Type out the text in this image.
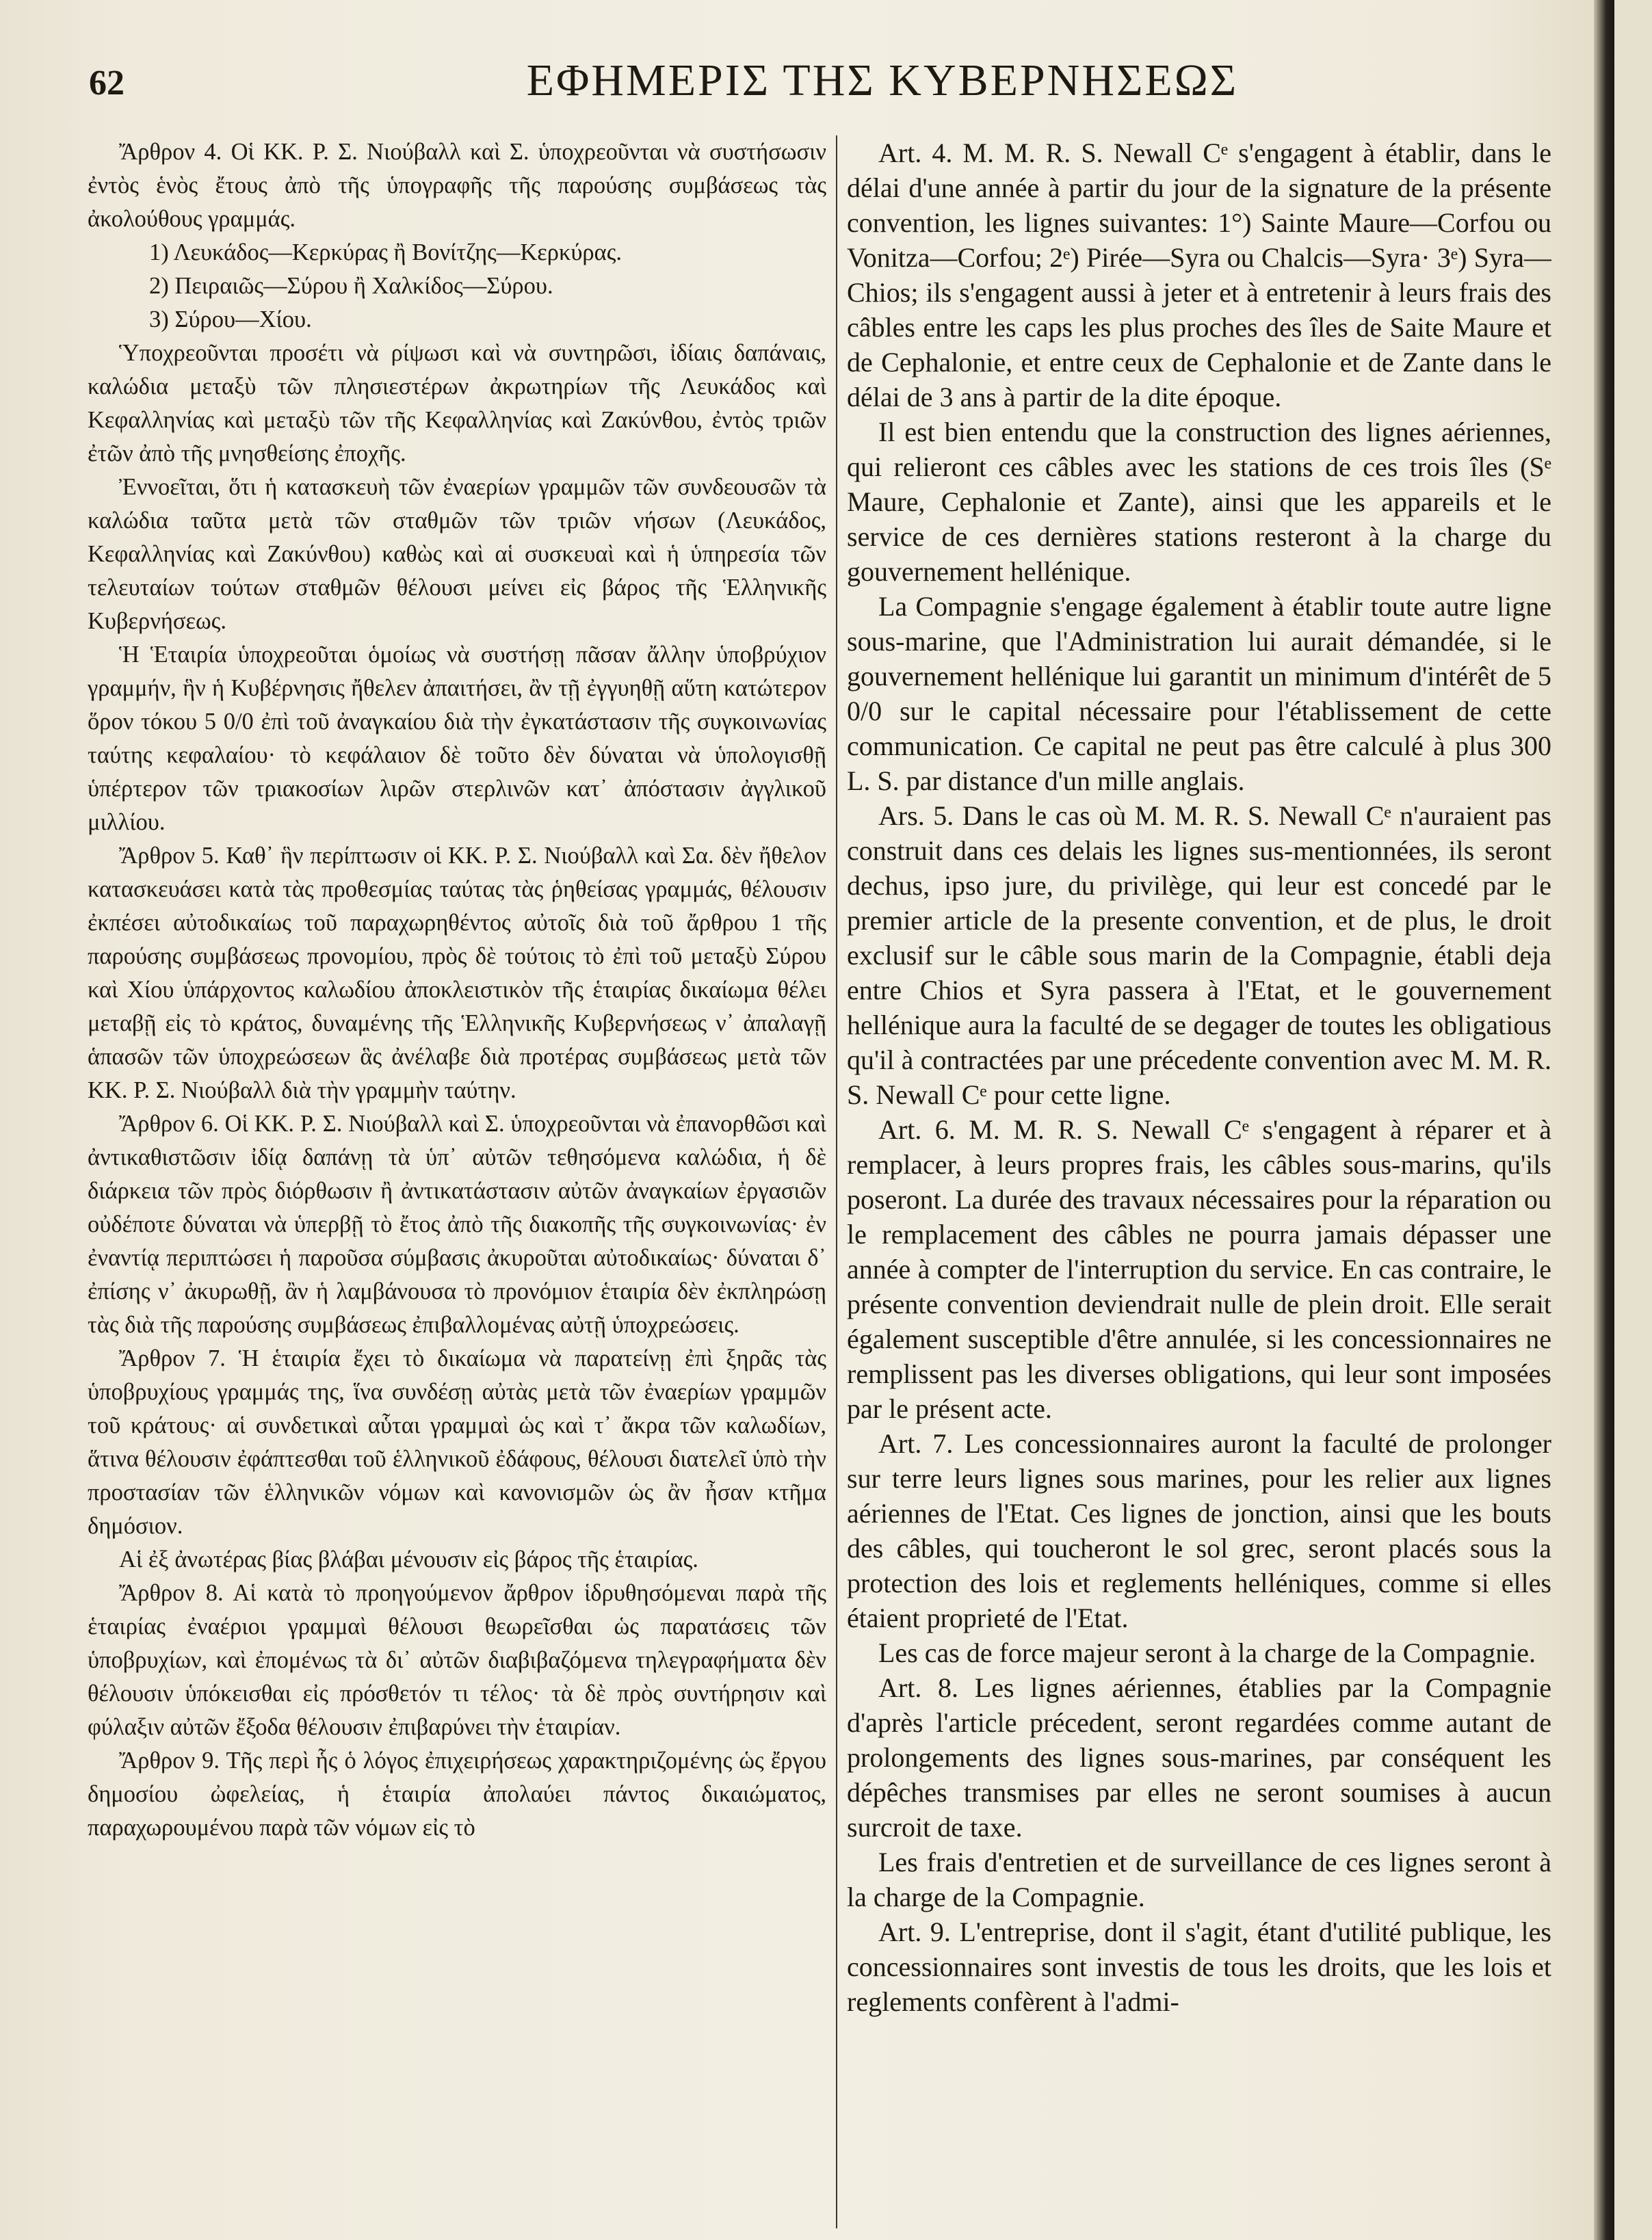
62	ΕΦΗΜΕΡΙΣ ΤΗΣ ΚΥΒΕΡΝΗΣΕΩΣ

Ἄρθρον 4. Οἱ ΚΚ. Ρ. Σ. Νιούβαλλ καὶ Σ. ὑποχρεοῦνται νὰ συστήσωσιν ἐντὸς ἑνὸς ἔτους ἀπὸ τῆς ὑπογραφῆς τῆς παρούσης συμβάσεως τὰς ἀκολούθους γραμμάς.

1) Λευκάδος—Κερκύρας ἢ Βονίτζης—Κερκύρας.

2) Πειραιῶς—Σύρου ἢ Χαλκίδος—Σύρου.

3) Σύρου—Χίου.

Ὑποχρεοῦνται προσέτι νὰ ρίψωσι καὶ νὰ συντηρῶσι, ἰδίαις δαπάναις, καλώδια μεταξὺ τῶν πλησιεστέρων ἀκρωτηρίων τῆς Λευκάδος καὶ Κεφαλληνίας καὶ μεταξὺ τῶν τῆς Κεφαλληνίας καὶ Ζακύνθου, ἐντὸς τριῶν ἐτῶν ἀπὸ τῆς μνησθείσης ἐποχῆς.

Ἐννοεῖται, ὅτι ἡ κατασκευὴ τῶν ἐναερίων γραμμῶν τῶν συνδεουσῶν τὰ καλώδια ταῦτα μετὰ τῶν σταθμῶν τῶν τριῶν νήσων (Λευκάδος, Κεφαλληνίας καὶ Ζακύνθου) καθὼς καὶ αἱ συσκευαὶ καὶ ἡ ὑπηρεσία τῶν τελευταίων τούτων σταθμῶν θέλουσι μείνει εἰς βάρος τῆς Ἑλληνικῆς Κυβερνήσεως.

Ἡ Ἑταιρία ὑποχρεοῦται ὁμοίως νὰ συστήσῃ πᾶσαν ἄλλην ὑποβρύχιον γραμμήν, ἣν ἡ Κυβέρνησις ἤθελεν ἀπαιτήσει, ἂν τῇ ἐγγυηθῇ αὕτη κατώτερον ὅρον τόκου 5 0/0 ἐπὶ τοῦ ἀναγκαίου διὰ τὴν ἐγκατάστασιν τῆς συγκοινωνίας ταύτης κεφαλαίου· τὸ κεφάλαιον δὲ τοῦτο δὲν δύναται νὰ ὑπολογισθῇ ὑπέρτερον τῶν τριακοσίων λιρῶν στερλινῶν κατ᾽ ἀπόστασιν ἀγγλικοῦ μιλλίου.

Ἄρθρον 5. Καθ᾽ ἣν περίπτωσιν οἱ ΚΚ. Ρ. Σ. Νιούβαλλ καὶ Σα. δὲν ἤθελον κατασκευάσει κατὰ τὰς προθεσμίας ταύτας τὰς ῥηθείσας γραμμάς, θέλουσιν ἐκπέσει αὐτοδικαίως τοῦ παραχωρηθέντος αὐτοῖς διὰ τοῦ ἄρθρου 1 τῆς παρούσης συμβάσεως προνομίου, πρὸς δὲ τούτοις τὸ ἐπὶ τοῦ μεταξὺ Σύρου καὶ Χίου ὑπάρχοντος καλωδίου ἀποκλειστικὸν τῆς ἑταιρίας δικαίωμα θέλει μεταβῇ εἰς τὸ κράτος, δυναμένης τῆς Ἑλληνικῆς Κυβερνήσεως ν᾽ ἀπαλαγῇ ἁπασῶν τῶν ὑποχρεώσεων ἃς ἀνέλαβε διὰ προτέρας συμβάσεως μετὰ τῶν ΚΚ. Ρ. Σ. Νιούβαλλ διὰ τὴν γραμμὴν ταύτην.

Ἄρθρον 6. Οἱ ΚΚ. Ρ. Σ. Νιούβαλλ καὶ Σ. ὑποχρεοῦνται νὰ ἐπανορθῶσι καὶ ἀντικαθιστῶσιν ἰδίᾳ δαπάνῃ τὰ ὑπ᾽ αὐτῶν τεθησόμενα καλώδια, ἡ δὲ διάρκεια τῶν πρὸς διόρθωσιν ἢ ἀντικατάστασιν αὐτῶν ἀναγκαίων ἐργασιῶν οὐδέποτε δύναται νὰ ὑπερβῇ τὸ ἔτος ἀπὸ τῆς διακοπῆς τῆς συγκοινωνίας· ἐν ἐναντίᾳ περιπτώσει ἡ παροῦσα σύμβασις ἀκυροῦται αὐτοδικαίως· δύναται δ᾽ ἐπίσης ν᾽ ἀκυρωθῇ, ἂν ἡ λαμβάνουσα τὸ προνόμιον ἑταιρία δὲν ἐκπληρώσῃ τὰς διὰ τῆς παρούσης συμβάσεως ἐπιβαλλομένας αὐτῇ ὑποχρεώσεις.

Ἄρθρον 7. Ἡ ἑταιρία ἔχει τὸ δικαίωμα νὰ παρατείνῃ ἐπὶ ξηρᾶς τὰς ὑποβρυχίους γραμμάς της, ἵνα συνδέσῃ αὐτὰς μετὰ τῶν ἐναερίων γραμμῶν τοῦ κράτους· αἱ συνδετικαὶ αὗται γραμμαὶ ὡς καὶ τ᾽ ἄκρα τῶν καλωδίων, ἅτινα θέλουσιν ἐφάπτεσθαι τοῦ ἑλληνικοῦ ἐδάφους, θέλουσι διατελεῖ ὑπὸ τὴν προστασίαν τῶν ἑλληνικῶν νόμων καὶ κανονισμῶν ὡς ἂν ἦσαν κτῆμα δημόσιον.

Αἱ ἐξ ἀνωτέρας βίας βλάβαι μένουσιν εἰς βάρος τῆς ἑταιρίας.

Ἄρθρον 8. Αἱ κατὰ τὸ προηγούμενον ἄρθρον ἱδρυθησόμεναι παρὰ τῆς ἑταιρίας ἐναέριοι γραμμαὶ θέλουσι θεωρεῖσθαι ὡς παρατάσεις τῶν ὑποβρυχίων, καὶ ἐπομένως τὰ δι᾽ αὐτῶν διαβιβαζόμενα τηλεγραφήματα δὲν θέλουσιν ὑπόκεισθαι εἰς πρόσθετόν τι τέλος· τὰ δὲ πρὸς συντήρησιν καὶ φύλαξιν αὐτῶν ἔξοδα θέλουσιν ἐπιβαρύνει τὴν ἑταιρίαν.

Ἄρθρον 9. Τῆς περὶ ἧς ὁ λόγος ἐπιχειρήσεως χαρακτηριζομένης ὡς ἔργου δημοσίου ὠφελείας, ἡ ἑταιρία ἀπολαύει πάντος δικαιώματος, παραχωρουμένου παρὰ τῶν νόμων εἰς τὸ

Art. 4. M. M. R. S. Newall Cᵉ s'engagent à établir, dans le délai d'une année à partir du jour de la signature de la présente convention, les lignes suivantes: 1°) Sainte Maure—Corfou ou Vonitza—Corfou; 2ᵉ) Pirée—Syra ou Chalcis—Syra· 3ᵉ) Syra—Chios; ils s'engagent aussi à jeter et à entretenir à leurs frais des câbles entre les caps les plus proches des îles de Saite Maure et de Cephalonie, et entre ceux de Cephalonie et de Zante dans le délai de 3 ans à partir de la dite époque.

Il est bien entendu que la construction des lignes aériennes, qui relieront ces câbles avec les stations de ces trois îles (Sᵉ Maure, Cephalonie et Zante), ainsi que les appareils et le service de ces dernières stations resteront à la charge du gouvernement hellénique.

La Compagnie s'engage également à établir toute autre ligne sous-marine, que l'Administration lui aurait démandée, si le gouvernement hellénique lui garantit un minimum d'intérêt de 5 0/0 sur le capital nécessaire pour l'établissement de cette communication. Ce capital ne peut pas être calculé à plus 300 L. S. par distance d'un mille anglais.

Ars. 5. Dans le cas où M. M. R. S. Newall Cᵉ n'auraient pas construit dans ces delais les lignes sus-mentionnées, ils seront dechus, ipso jure, du privilège, qui leur est concedé par le premier article de la presente convention, et de plus, le droit exclusif sur le câble sous marin de la Compagnie, établi deja entre Chios et Syra passera à l'Etat, et le gouvernement hellénique aura la faculté de se degager de toutes les obligatious qu'il à contractées par une précedente convention avec M. M. R. S. Newall Cᵉ pour cette ligne.

Art. 6. M. M. R. S. Newall Cᵉ s'engagent à réparer et à remplacer, à leurs propres frais, les câbles sous-marins, qu'ils poseront. La durée des travaux nécessaires pour la réparation ou le remplacement des câbles ne pourra jamais dépasser une année à compter de l'interruption du service. En cas contraire, le présente convention deviendrait nulle de plein droit. Elle serait également susceptible d'être annulée, si les concessionnaires ne remplissent pas les diverses obligations, qui leur sont imposées par le présent acte.

Art. 7. Les concessionnaires auront la faculté de prolonger sur terre leurs lignes sous marines, pour les relier aux lignes aériennes de l'Etat. Ces lignes de jonction, ainsi que les bouts des câbles, qui toucheront le sol grec, seront placés sous la protection des lois et reglements helléniques, comme si elles étaient proprieté de l'Etat.

Les cas de force majeur seront à la charge de la Compagnie.

Art. 8. Les lignes aériennes, établies par la Compagnie d'après l'article précedent, seront regardées comme autant de prolongements des lignes sous-marines, par conséquent les dépêches transmises par elles ne seront soumises à aucun surcroit de taxe.

Les frais d'entretien et de surveillance de ces lignes seront à la charge de la Compagnie.

Art. 9. L'entreprise, dont il s'agit, étant d'utilité publique, les concessionnaires sont investis de tous les droits, que les lois et reglements confèrent à l'admi-
